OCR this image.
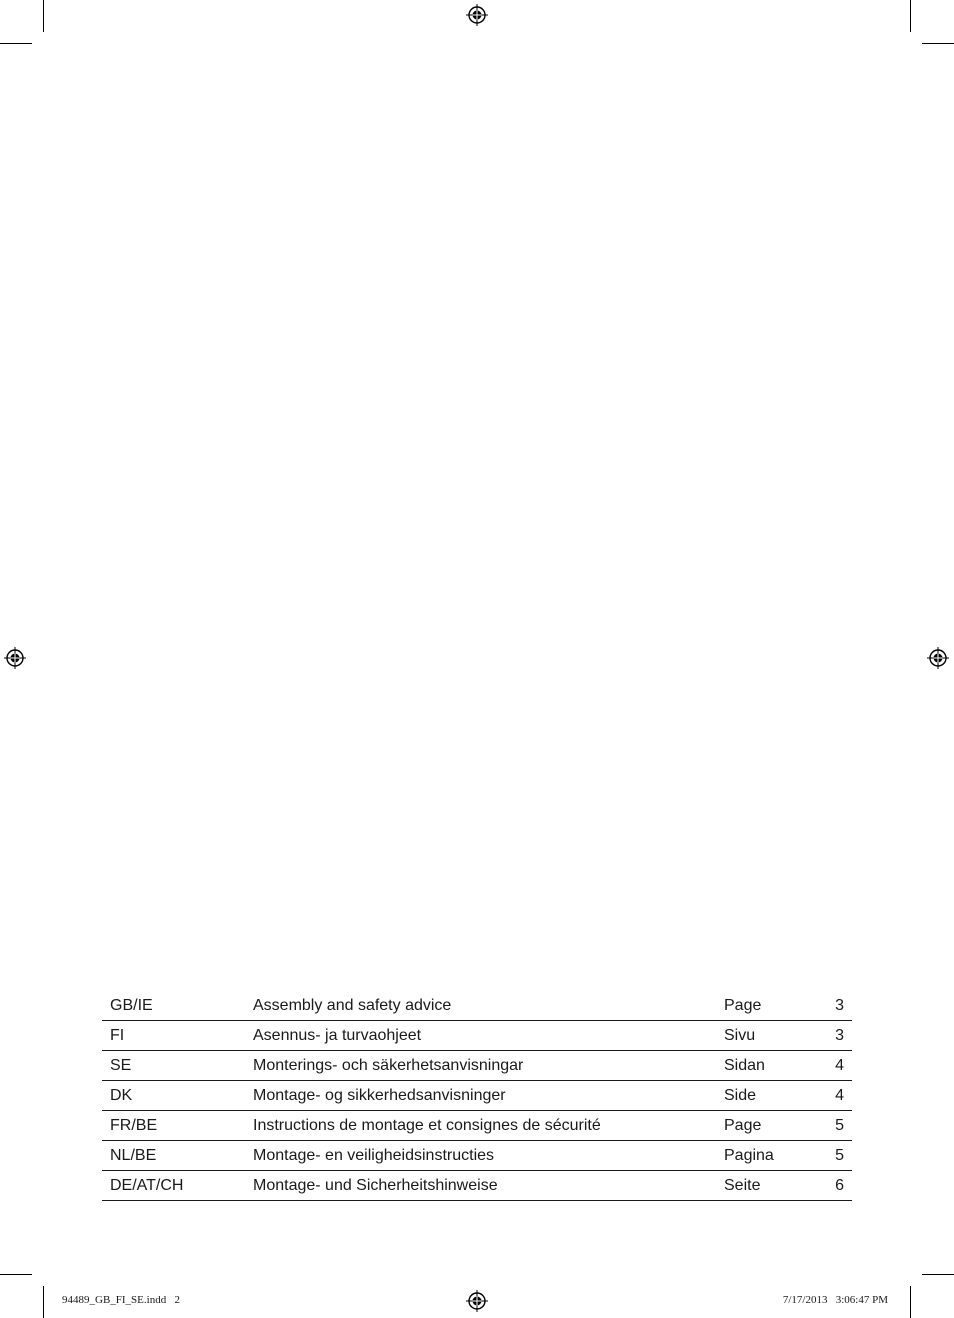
GB/IE	Assembly and safety advice	Page	3
FI	Asennus- ja turvaohjeet	Sivu	3
SE	Monterings- och säkerhetsanvisningar	Sidan	4
DK	Montage- og sikkerhedsanvisninger	Side	4
FR/BE	Instructions de montage et consignes de sécurité	Page	5
NL/BE	Montage- en veiligheidsinstructies	Pagina	5
DE/AT/CH	Montage- und Sicherheitshinweise	Seite	6
94489_GB_FI_SE.indd   2	7/17/2013   3:06:47 PM
